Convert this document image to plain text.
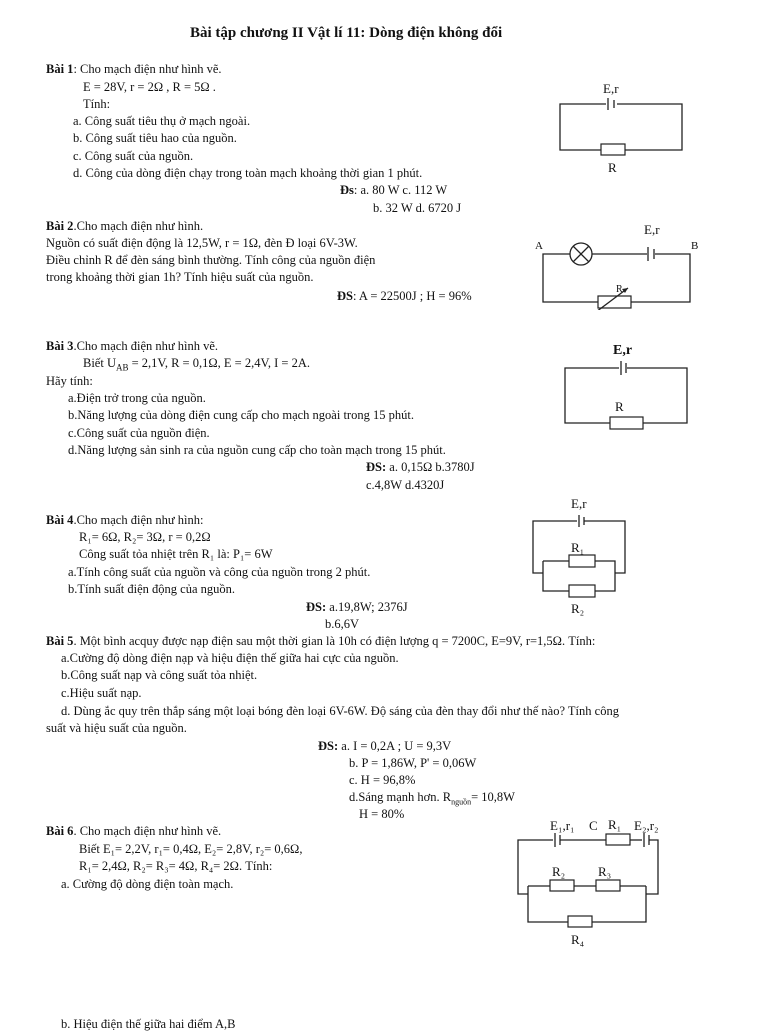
Bài tập chương II Vật lí 11: Dòng điện không đổi
Bài 1: Cho mạch điện như hình vẽ.
E = 28V, r = 2Ω , R = 5Ω .
Tính:
a. Công suất tiêu thụ ở mạch ngoài.
b. Công suất tiêu hao của nguồn.
c. Công suất của nguồn.
d. Công của dòng điện chạy trong toàn mạch khoảng thời gian 1 phút.
Đs: a. 80 W c. 112 W
b. 32 W d. 6720 J
E,r
R
Bài 2.Cho mạch điện như hình.
Nguồn có suất điện động là 12,5W, r = 1Ω, đèn Đ loại 6V-3W.
Điều chỉnh R để đèn sáng bình thường. Tính công của nguồn điện
trong khoảng thời gian 1h? Tính hiệu suất của nguồn.
ĐS: A = 22500J ; H = 96%
E,r
A	B
R
Bài 3.Cho mạch điện như hình vẽ.
Biết $U_{AB} = 2,1V$, R = 0,1Ω, E = 2,4V, I = 2A.
Hãy tính:
a.Điện trở trong của nguồn.
b.Năng lượng của dòng điện cung cấp cho mạch ngoài trong 15 phút.
c.Công suất của nguồn điện.
d.Năng lượng sản sinh ra của nguồn cung cấp cho toàn mạch trong 15 phút.
ĐS: a. 0,15Ω b.3780J
c.4,8W d.4320J
E,r
R
Bài 4.Cho mạch điện như hình:
R₁= 6Ω, R₂= 3Ω, r = 0,2Ω
Công suất tỏa nhiệt trên R₁ là: P₁= 6W
a.Tính công suất của nguồn và công của nguồn trong 2 phút.
b.Tính suất điện động của nguồn.
ĐS: a.19,8W; 2376J
b.6,6V
E,r
R₁
R₂
Bài 5. Một bình acquy được nạp điện sau một thời gian là 10h có điện lượng q = 7200C, E=9V, r=1,5Ω. Tính:
a.Cường độ dòng điện nạp và hiệu điện thế giữa hai cực của nguồn.
b.Công suất nạp và công suất tỏa nhiệt.
c.Hiệu suất nạp.
d. Dùng ắc quy trên thắp sáng một loại bóng đèn loại 6V-6W. Độ sáng của đèn thay đổi như thế nào? Tính công
suất và hiệu suất của nguồn.
ĐS: a. I = 0,2A ; U = 9,3V
b. P = 1,86W, P' = 0,06W
c. H = 96,8%
d.Sáng mạnh hơn. $R_{nguồn}= 10,8W$
H = 80%
Bài 6. Cho mạch điện như hình vẽ.
Biết E₁= 2,2V, r₁= 0,4Ω, E₂= 2,8V, r₂= 0,6Ω,
R₁= 2,4Ω, R₂= R₃= 4Ω, R₄= 2Ω. Tính:
a. Cường độ dòng điện toàn mạch.
b. Hiệu điện thế giữa hai điểm A,B
E₁,r₁ C R₁ E₂,r₂
R₂	R₃
R₄
